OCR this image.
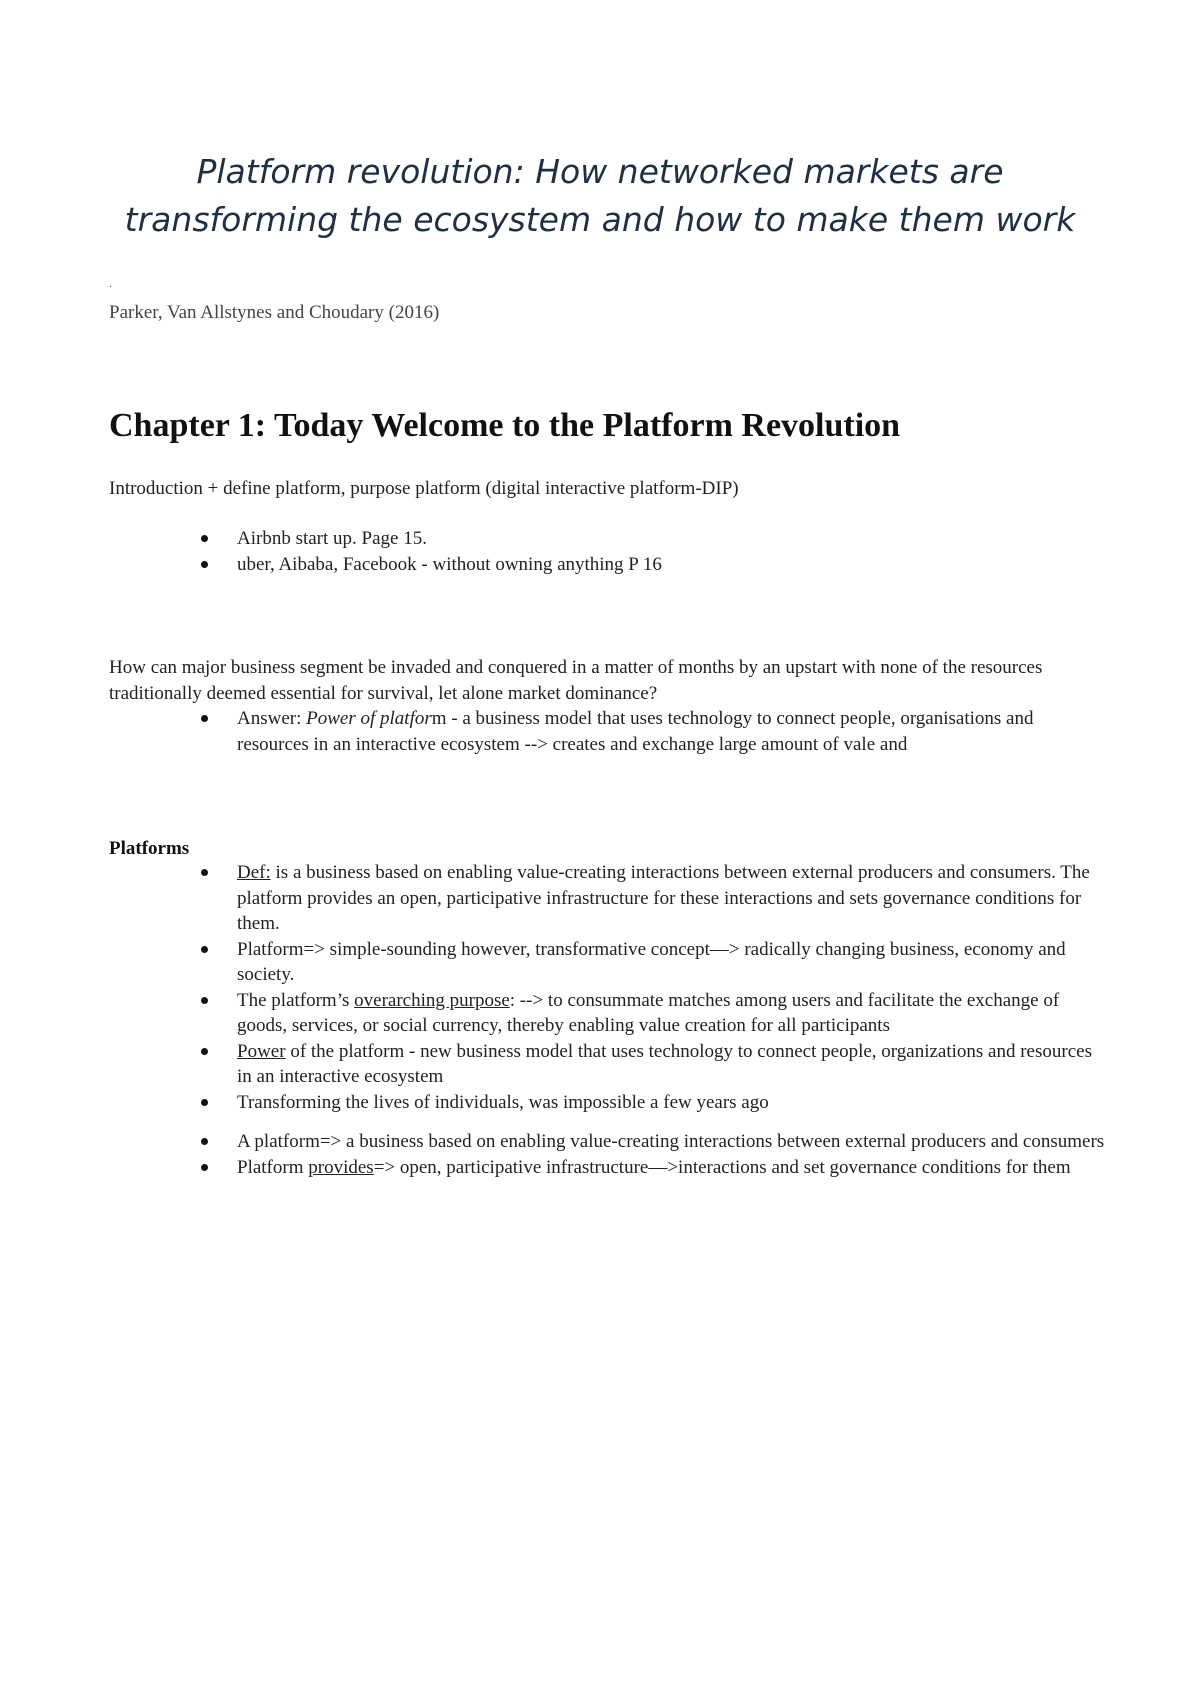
Platform revolution: How networked markets are
transforming the ecosystem and how to make them work
.
Parker, Van Allstynes and Choudary (2016)
Chapter 1: Today Welcome to the Platform Revolution

Introduction + define platform, purpose platform (digital interactive platform-DIP)

Airbnb start up. Page 15.
uber, Aibaba, Facebook - without owning anything P 16

How can major business segment be invaded and conquered in a matter of months by an upstart with none of the resources traditionally deemed essential for survival, let alone market dominance?

Answer: Power of platform - a business model that uses technology to connect people, organisations and resources in an interactive ecosystem --> creates and exchange large amount of vale and
Platforms
Def: is a business based on enabling value-creating interactions between external producers and consumers. The platform provides an open, participative infrastructure for these interactions and sets governance conditions for them.
Platform=> simple-sounding however, transformative concept—> radically changing business, economy and society.
The platform’s overarching purpose: --> to consummate matches among users and facilitate the exchange of goods, services, or social currency, thereby enabling value creation for all participants
Power of the platform - new business model that uses technology to connect people, organizations and resources in an interactive ecosystem
Transforming the lives of individuals, was impossible a few years ago
A platform=> a business based on enabling value-creating interactions between external producers and consumers
Platform provides=> open, participative infrastructure—>interactions and set governance conditions for them
